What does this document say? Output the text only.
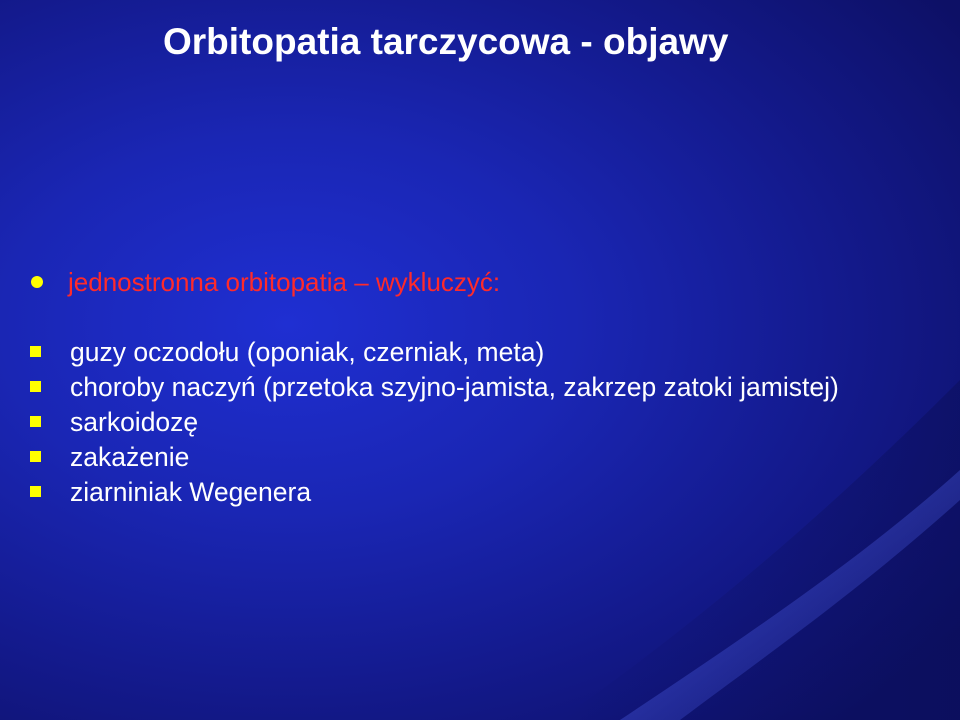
Orbitopatia tarczycowa - objawy
jednostronna orbitopatia – wykluczyć:
guzy oczodołu (oponiak, czerniak, meta)
choroby naczyń (przetoka szyjno-jamista, zakrzep zatoki jamistej)
sarkoidozę
zakażenie
ziarniniak Wegenera
